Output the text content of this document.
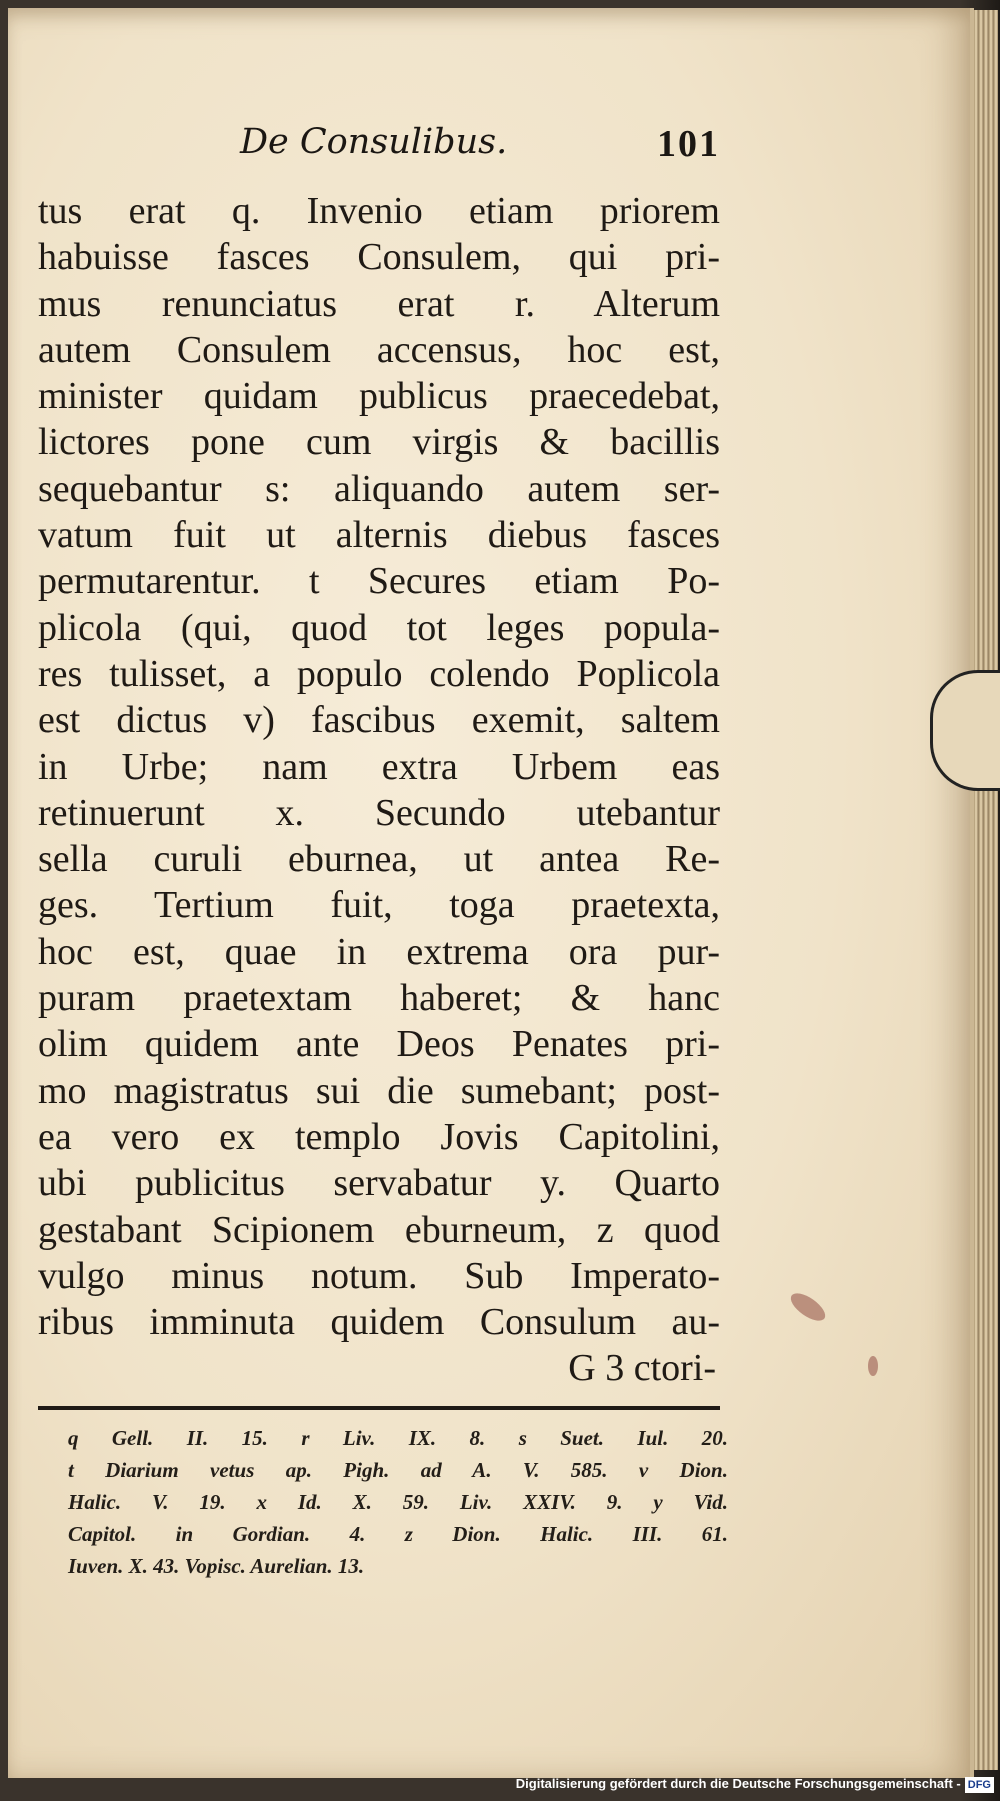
De Consulibus.	101
tus erat q. Invenio etiam priorem
habuisse fasces Consulem, qui pri-
mus renunciatus erat r. Alterum
autem Consulem accensus, hoc est,
minister quidam publicus praecedebat,
lictores pone cum virgis & bacillis
sequebantur s: aliquando autem ser-
vatum fuit ut alternis diebus fasces
permutarentur. t Secures etiam Po-
plicola (qui, quod tot leges popula-
res tulisset, a populo colendo Poplicola
est dictus v) fascibus exemit, saltem
in Urbe; nam extra Urbem eas
retinuerunt x. Secundo utebantur
sella curuli eburnea, ut antea Re-
ges. Tertium fuit, toga praetexta,
hoc est, quae in extrema ora pur-
puram praetextam haberet; & hanc
olim quidem ante Deos Penates pri-
mo magistratus sui die sumebant; post-
ea vero ex templo Jovis Capitolini,
ubi publicitus servabatur y. Quarto
gestabant Scipionem eburneum, z quod
vulgo minus notum. Sub Imperato-
ribus imminuta quidem Consulum au-
G 3 ctori-
q Gell. II. 15. r Liv. IX. 8. s Suet. Iul. 20.
t Diarium vetus ap. Pigh. ad A. V. 585. v Dion.
Halic. V. 19. x Id. X. 59. Liv. XXIV. 9. y Vid.
Capitol. in Gordian. 4. z Dion. Halic. III. 61.
Iuven. X. 43. Vopisc. Aurelian. 13.
Digitalisierung gefördert durch die Deutsche Forschungsgemeinschaft - DFG
